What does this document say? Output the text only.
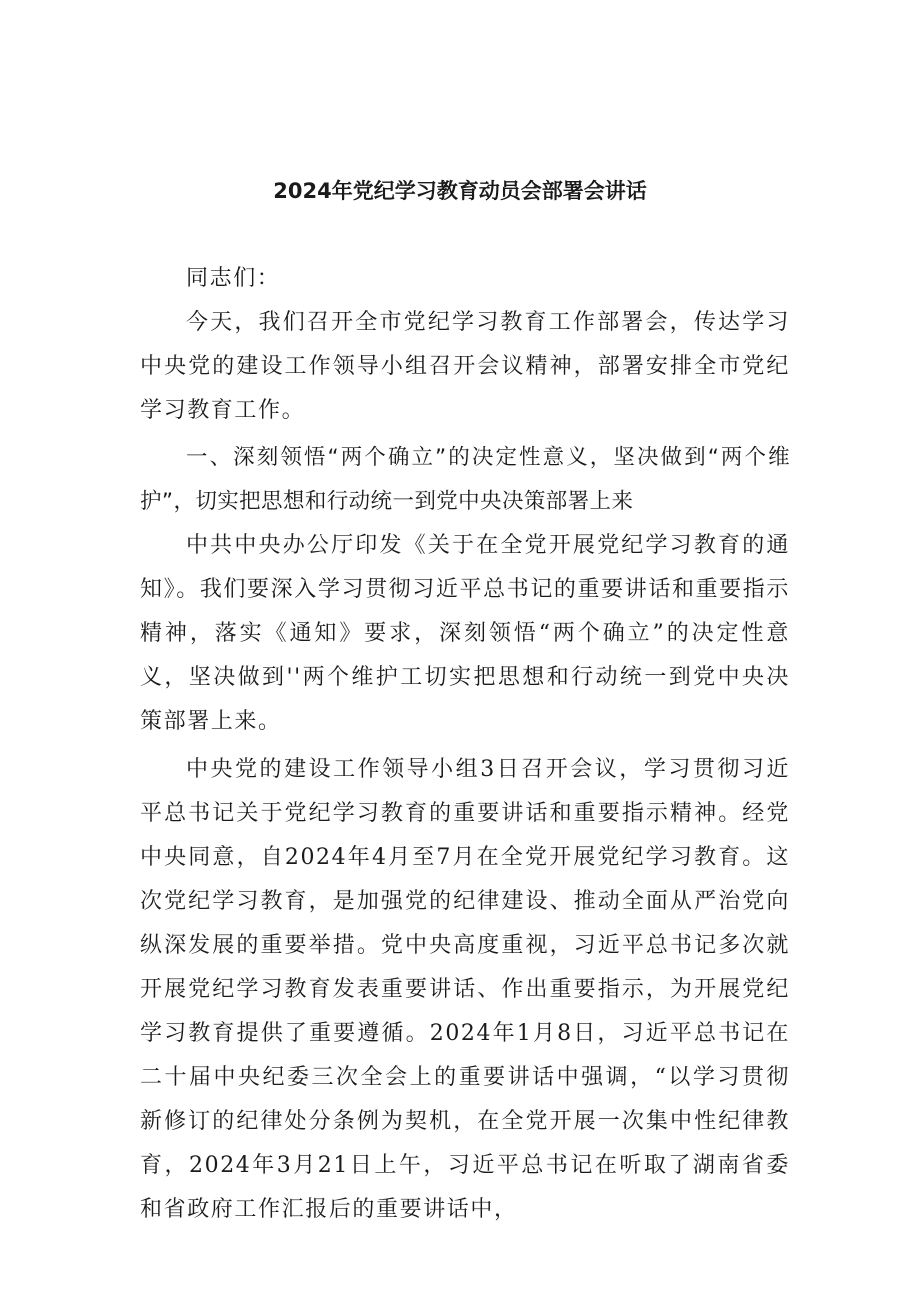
2024年党纪学习教育动员会部署会讲话

同志们：

今天，我们召开全市党纪学习教育工作部署会，传达学习中央党的建设工作领导小组召开会议精神，部署安排全市党纪学习教育工作。

一、深刻领悟“两个确立”的决定性意义，坚决做到“两个维护”，切实把思想和行动统一到党中央决策部署上来

中共中央办公厅印发《关于在全党开展党纪学习教育的通知》。我们要深入学习贯彻习近平总书记的重要讲话和重要指示精神，落实《通知》要求，深刻领悟“两个确立”的决定性意义，坚决做到''两个维护工切实把思想和行动统一到党中央决策部署上来。

中央党的建设工作领导小组3日召开会议，学习贯彻习近平总书记关于党纪学习教育的重要讲话和重要指示精神。经党中央同意，自2024年4月至7月在全党开展党纪学习教育。这次党纪学习教育，是加强党的纪律建设、推动全面从严治党向纵深发展的重要举措。党中央高度重视，习近平总书记多次就开展党纪学习教育发表重要讲话、作出重要指示，为开展党纪学习教育提供了重要遵循。2024年1月8日，习近平总书记在二十届中央纪委三次全会上的重要讲话中强调，“以学习贯彻新修订的纪律处分条例为契机，在全党开展一次集中性纪律教育，2024年3月21日上午，习近平总书记在听取了湖南省委和省政府工作汇报后的重要讲话中，
